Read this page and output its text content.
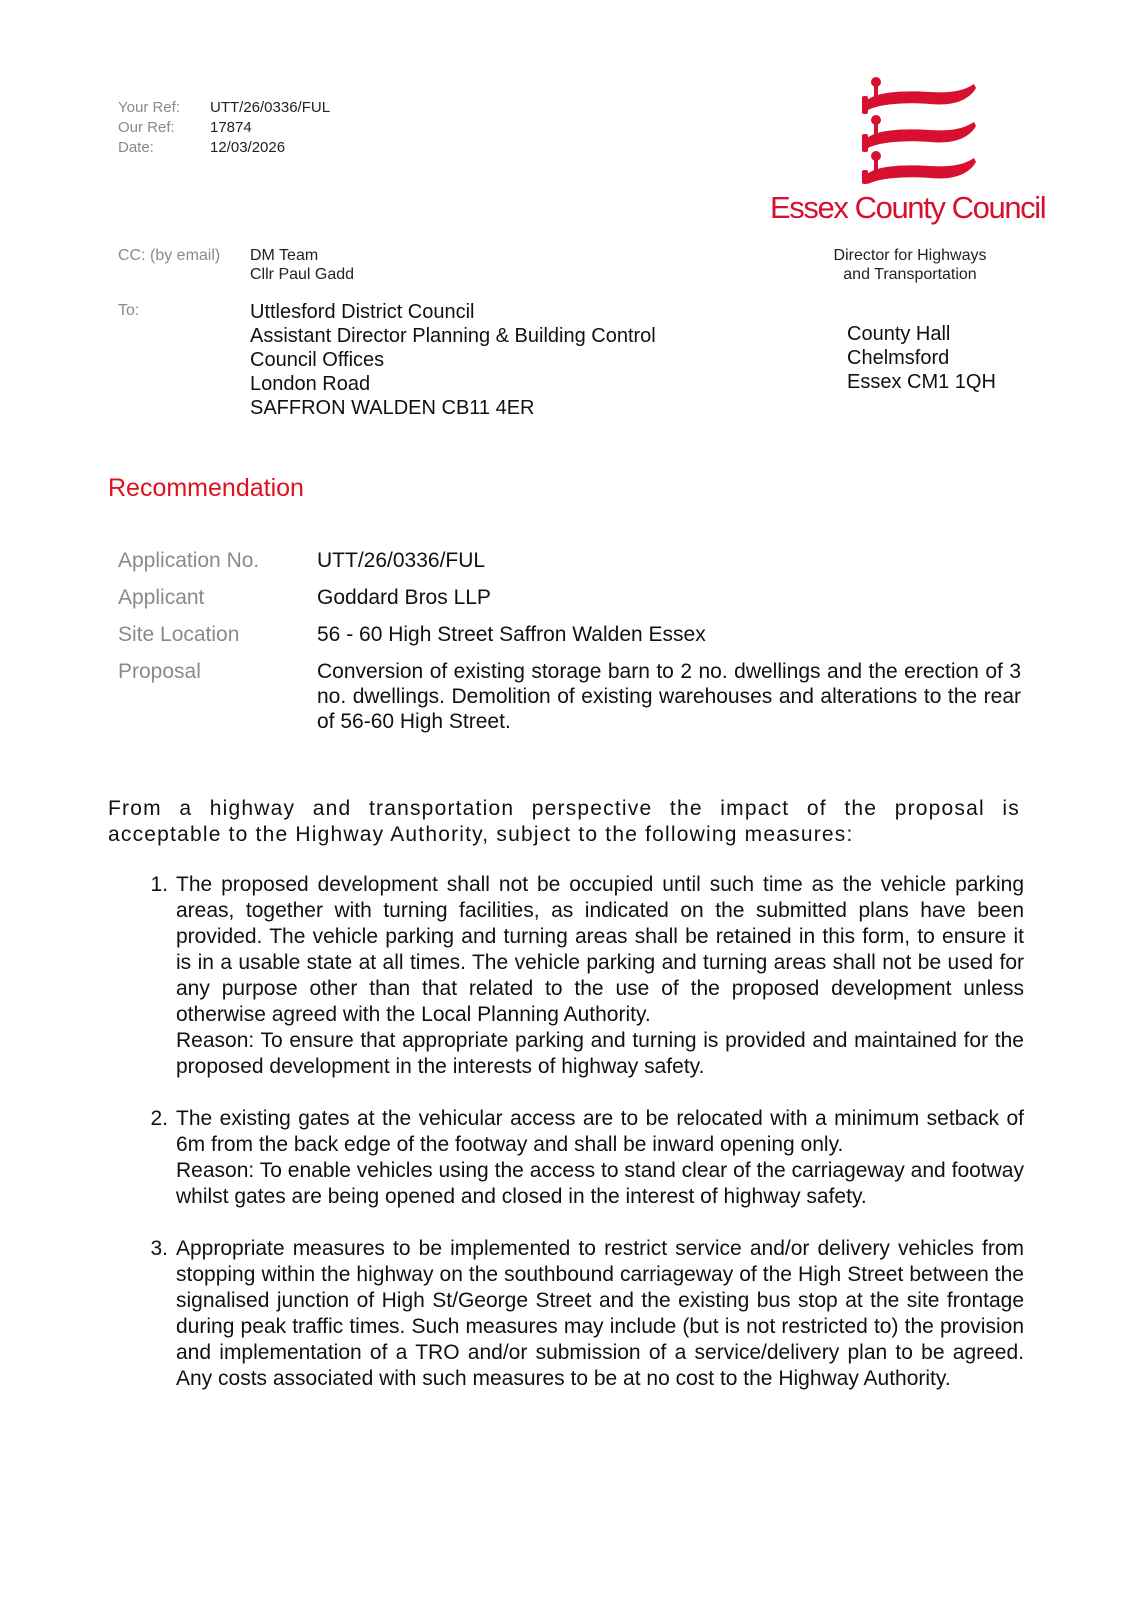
Your Ref:	UTT/26/0336/FUL
Our Ref:	17874
Date:	12/03/2026
Essex County Council
CC: (by email)	DM Team
Cllr Paul Gadd
Director for Highways
and Transportation
To:	Uttlesford District Council
Assistant Director Planning & Building Control
Council Offices
London Road
SAFFRON WALDEN CB11 4ER
County Hall
Chelmsford
Essex CM1 1QH
Recommendation
Application No.	UTT/26/0336/FUL
Applicant	Goddard Bros LLP
Site Location	56 - 60 High Street Saffron Walden Essex
Proposal	Conversion of existing storage barn to 2 no. dwellings and the erection of 3 no. dwellings. Demolition of existing warehouses and alterations to the rear of 56-60 High Street.
From a highway and transportation perspective the impact of the proposal is acceptable to the Highway Authority, subject to the following measures:
1. The proposed development shall not be occupied until such time as the vehicle parking areas, together with turning facilities, as indicated on the submitted plans have been provided. The vehicle parking and turning areas shall be retained in this form, to ensure it is in a usable state at all times. The vehicle parking and turning areas shall not be used for any purpose other than that related to the use of the proposed development unless otherwise agreed with the Local Planning Authority.
Reason: To ensure that appropriate parking and turning is provided and maintained for the proposed development in the interests of highway safety.
2. The existing gates at the vehicular access are to be relocated with a minimum setback of 6m from the back edge of the footway and shall be inward opening only.
Reason: To enable vehicles using the access to stand clear of the carriageway and footway whilst gates are being opened and closed in the interest of highway safety.
3. Appropriate measures to be implemented to restrict service and/or delivery vehicles from stopping within the highway on the southbound carriageway of the High Street between the signalised junction of High St/George Street and the existing bus stop at the site frontage during peak traffic times. Such measures may include (but is not restricted to) the provision and implementation of a TRO and/or submission of a service/delivery plan to be agreed. Any costs associated with such measures to be at no cost to the Highway Authority.
